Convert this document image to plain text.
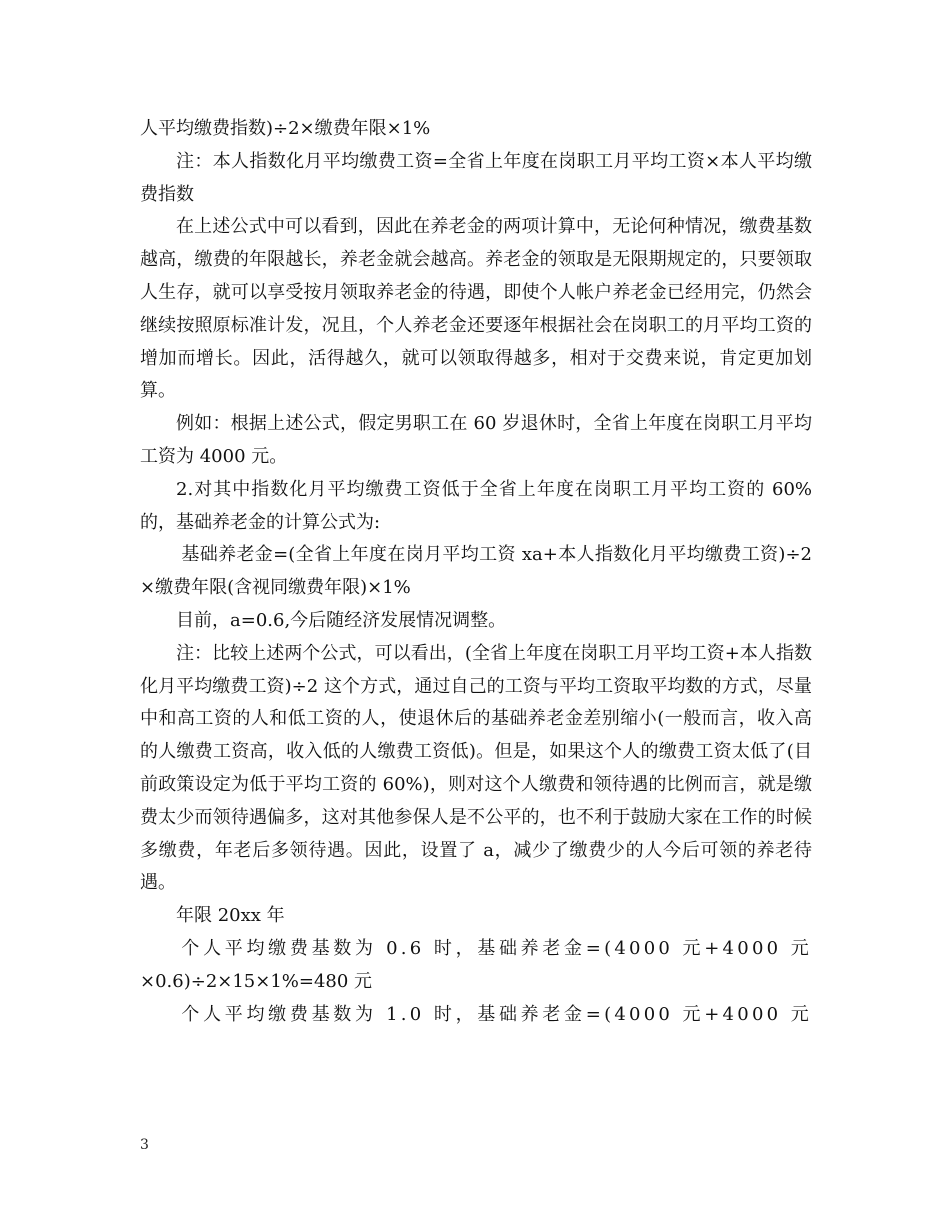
人平均缴费指数)÷2×缴费年限×1%

注：本人指数化月平均缴费工资=全省上年度在岗职工月平均工资×本人平均缴费指数

在上述公式中可以看到，因此在养老金的两项计算中，无论何种情况，缴费基数越高，缴费的年限越长，养老金就会越高。养老金的领取是无限期规定的，只要领取人生存，就可以享受按月领取养老金的待遇，即使个人帐户养老金已经用完，仍然会继续按照原标准计发，况且，个人养老金还要逐年根据社会在岗职工的月平均工资的增加而增长。因此，活得越久，就可以领取得越多，相对于交费来说，肯定更加划算。

例如：根据上述公式，假定男职工在 60 岁退休时，全省上年度在岗职工月平均工资为 4000 元。

2.对其中指数化月平均缴费工资低于全省上年度在岗职工月平均工资的 60%的，基础养老金的计算公式为:

基础养老金=(全省上年度在岗月平均工资 xa+本人指数化月平均缴费工资)÷2×缴费年限(含视同缴费年限)×1%

目前，a=0.6,今后随经济发展情况调整。

注：比较上述两个公式，可以看出，(全省上年度在岗职工月平均工资+本人指数化月平均缴费工资)÷2 这个方式，通过自己的工资与平均工资取平均数的方式，尽量中和高工资的人和低工资的人，使退休后的基础养老金差别缩小(一般而言，收入高的人缴费工资高，收入低的人缴费工资低)。但是，如果这个人的缴费工资太低了(目前政策设定为低于平均工资的 60%)，则对这个人缴费和领待遇的比例而言，就是缴费太少而领待遇偏多，这对其他参保人是不公平的，也不利于鼓励大家在工作的时候多缴费，年老后多领待遇。因此，设置了 a，减少了缴费少的人今后可领的养老待遇。

年限 20xx 年

个人平均缴费基数为 0.6 时，基础养老金=(4000 元+4000 元

×0.6)÷2×15×1%=480 元

个人平均缴费基数为 1.0 时，基础养老金=(4000 元+4000 元

3
